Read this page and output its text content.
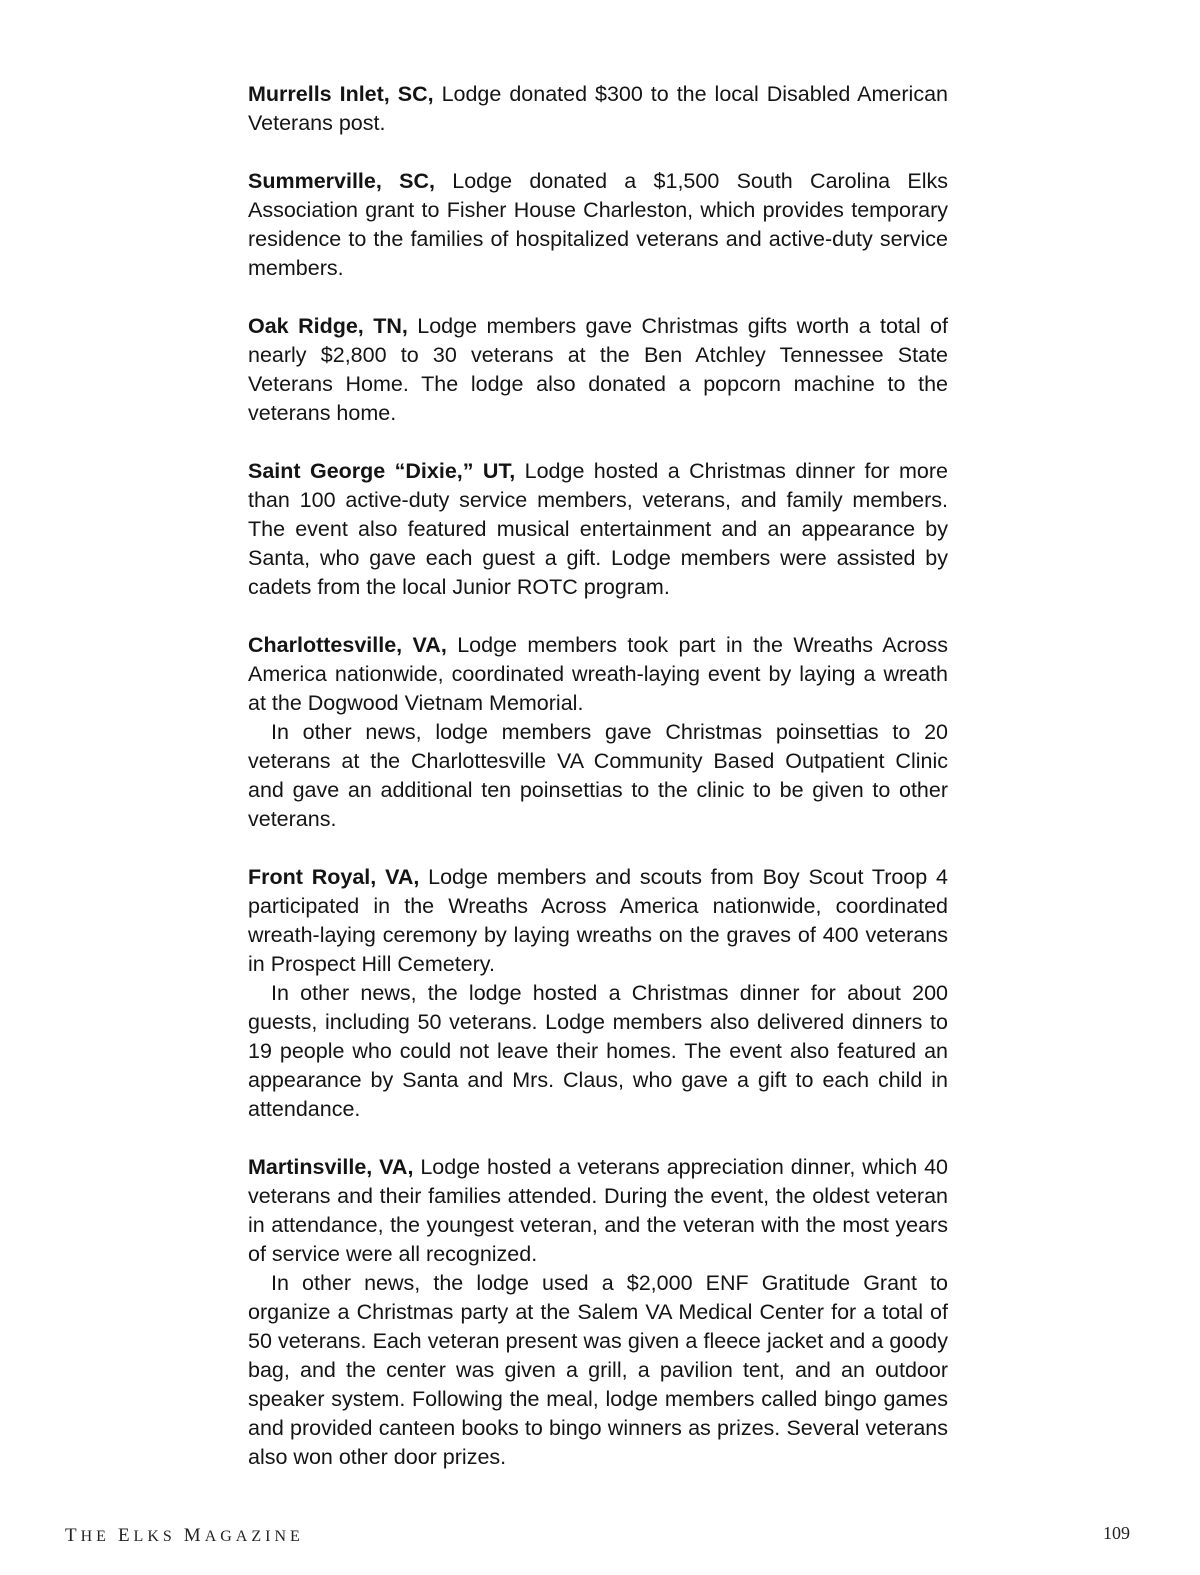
Murrells Inlet, SC, Lodge donated $300 to the local Disabled American Veterans post.

Summerville, SC, Lodge donated a $1,500 South Carolina Elks Association grant to Fisher House Charleston, which provides temporary residence to the families of hospitalized veterans and active-duty service members.

Oak Ridge, TN, Lodge members gave Christmas gifts worth a total of nearly $2,800 to 30 veterans at the Ben Atchley Tennessee State Veterans Home. The lodge also donated a popcorn machine to the veterans home.

Saint George “Dixie,” UT, Lodge hosted a Christmas dinner for more than 100 active-duty service members, veterans, and family members. The event also featured musical entertainment and an appearance by Santa, who gave each guest a gift. Lodge members were assisted by cadets from the local Junior ROTC program.

Charlottesville, VA, Lodge members took part in the Wreaths Across America nationwide, coordinated wreath-laying event by laying a wreath at the Dogwood Vietnam Memorial.

In other news, lodge members gave Christmas poinsettias to 20 veterans at the Charlottesville VA Community Based Outpatient Clinic and gave an additional ten poinsettias to the clinic to be given to other veterans.

Front Royal, VA, Lodge members and scouts from Boy Scout Troop 4 participated in the Wreaths Across America nationwide, coordinated wreath-laying ceremony by laying wreaths on the graves of 400 veterans in Prospect Hill Cemetery.

In other news, the lodge hosted a Christmas dinner for about 200 guests, including 50 veterans. Lodge members also delivered dinners to 19 people who could not leave their homes. The event also featured an appearance by Santa and Mrs. Claus, who gave a gift to each child in attendance.

Martinsville, VA, Lodge hosted a veterans appreciation dinner, which 40 veterans and their families attended. During the event, the oldest veteran in attendance, the youngest veteran, and the veteran with the most years of service were all recognized.

In other news, the lodge used a $2,000 ENF Gratitude Grant to organize a Christmas party at the Salem VA Medical Center for a total of 50 veterans. Each veteran present was given a fleece jacket and a goody bag, and the center was given a grill, a pavilion tent, and an outdoor speaker system. Following the meal, lodge members called bingo games and provided canteen books to bingo winners as prizes. Several veterans also won other door prizes.

THE ELKS MAGAZINE	109
